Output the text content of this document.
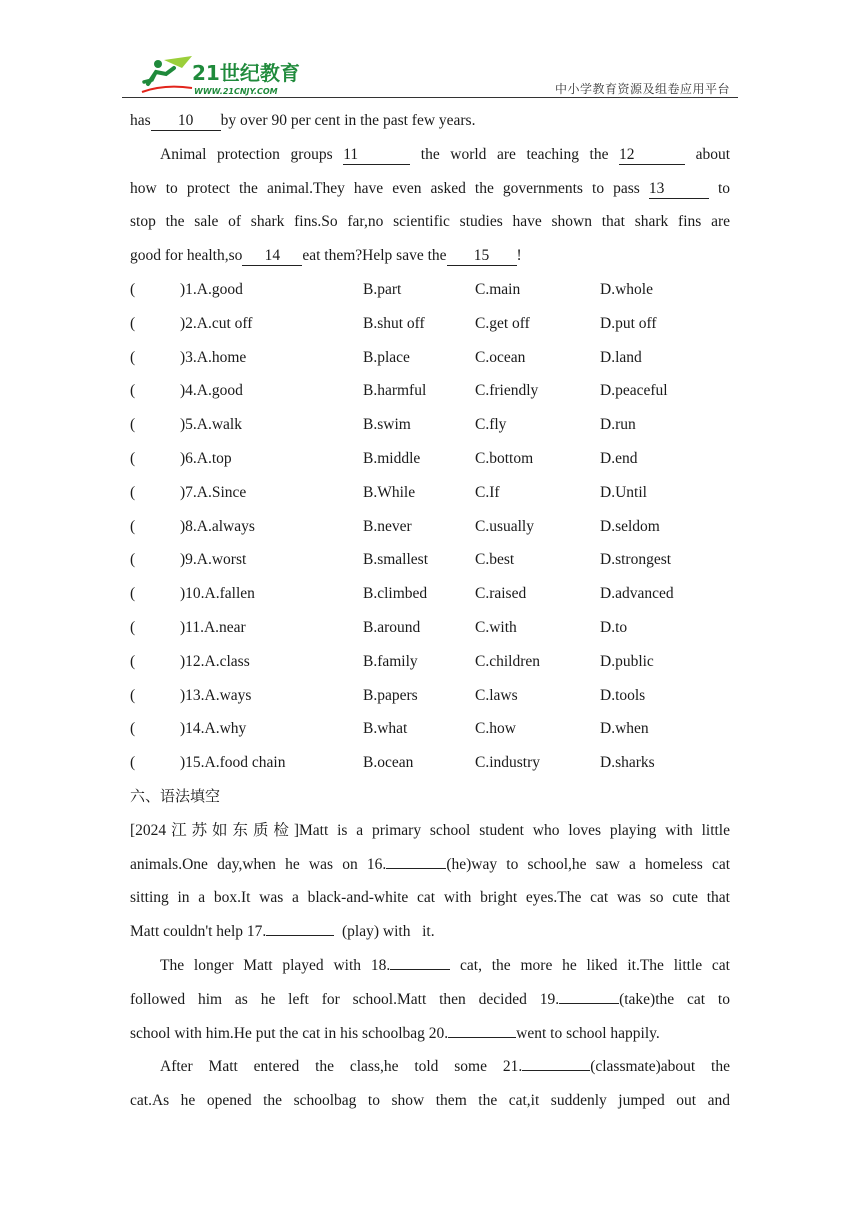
21世纪教育
WWW.21CNJY.COM	中小学教育资源及组卷应用平台
has 10 by over 90 per cent in the past few years.
Animal protection groups 11	the world are teaching the 12	about
how to protect the animal.They have even asked the governments to pass 13	to
stop the sale of shark fins.So far,no scientific studies have shown that shark fins are
good for health,so 14 eat them?Help save the 15 !
(	)1.A.good	B.part	C.main	D.whole
(	)2.A.cut off	B.shut off	C.get off	D.put off
(	)3.A.home	B.place	C.ocean	D.land
(	)4.A.good	B.harmful	C.friendly	D.peaceful
(	)5.A.walk	B.swim	C.fly	D.run
(	)6.A.top	B.middle	C.bottom	D.end
(	)7.A.Since	B.While	C.If	D.Until
(	)8.A.always	B.never	C.usually	D.seldom
(	)9.A.worst	B.smallest	C.best	D.strongest
(	)10.A.fallen	B.climbed	C.raised	D.advanced
(	)11.A.near	B.around	C.with	D.to
(	)12.A.class	B.family	C.children	D.public
(	)13.A.ways	B.papers	C.laws	D.tools
(	)14.A.why	B.what	C.how	D.when
(	)15.A.food chain	B.ocean	C.industry	D.sharks
六、语法填空
[2024江苏如东质检]Matt is a primary school student who loves playing with little
animals.One day,when he was on 16.	(he)way to school,he saw a homeless cat
sitting in a box.It was a black-and-white cat with bright eyes.The cat was so cute that
Matt couldn't help 17.	(play) with it.
The longer Matt played with 18.	cat, the more he liked it.The little cat
followed him as he left for school.Matt then decided 19.	(take)the cat to
school with him.He put the cat in his schoolbag 20.	went to school happily.
After Matt entered the class,he told some 21.	(classmate)about the
cat.As he opened the schoolbag to show them the cat,it suddenly jumped out and
